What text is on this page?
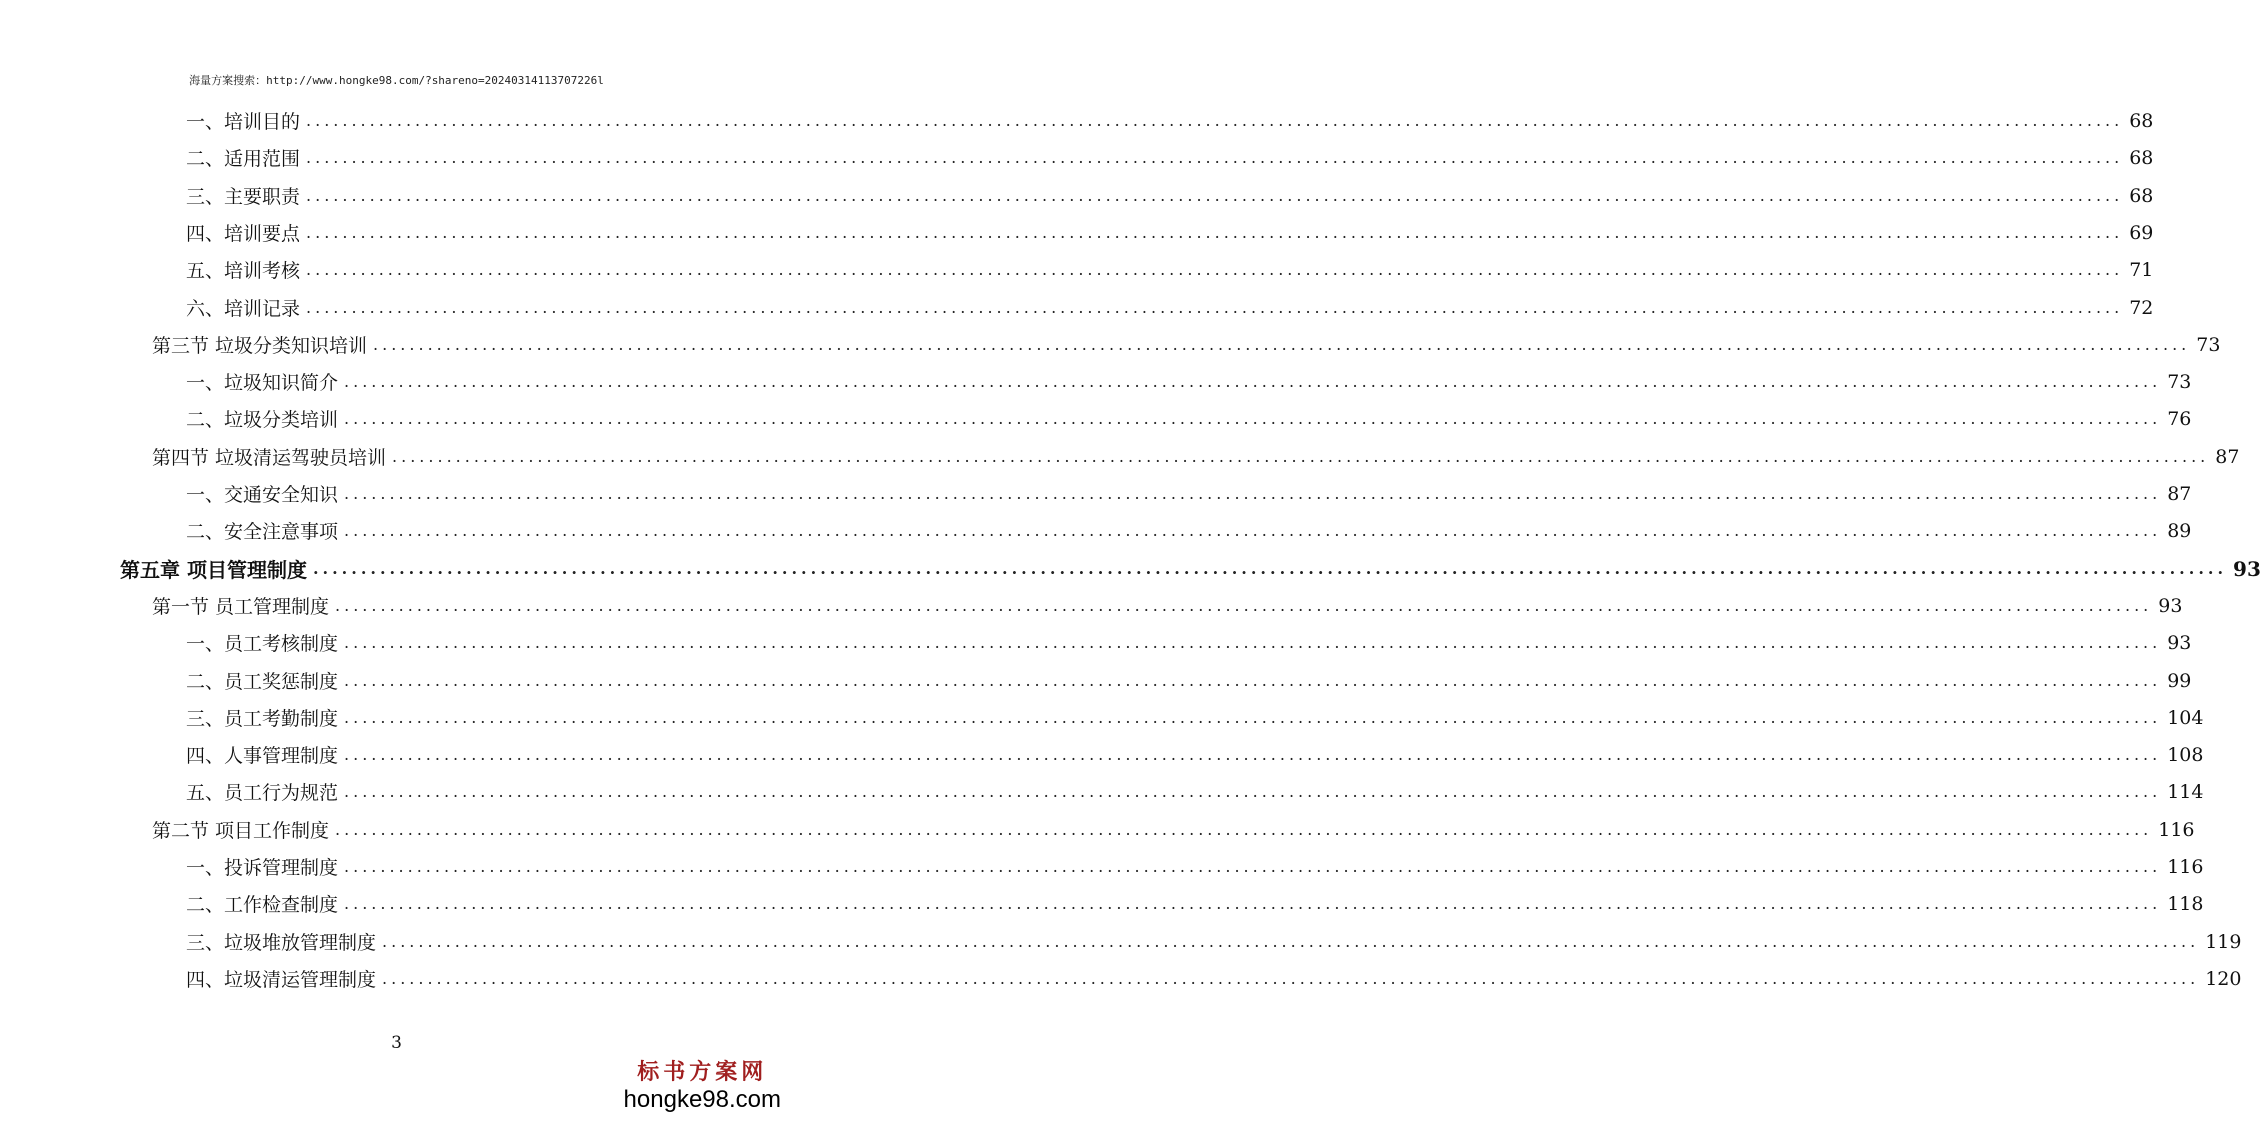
海量方案搜索：http://www.hongke98.com/?shareno=20240314113707226l
一、培训目的 ........................................................................................................................................................................................................ 68
二、适用范围 ........................................................................................................................................................................................................ 68
三、主要职责 ........................................................................................................................................................................................................ 68
四、培训要点 ........................................................................................................................................................................................................ 69
五、培训考核 ........................................................................................................................................................................................................ 71
六、培训记录 ........................................................................................................................................................................................................ 72
第三节 垃圾分类知识培训 ........................................................................................................................................................................................................ 73
一、垃圾知识简介 ........................................................................................................................................................................................................ 73
二、垃圾分类培训 ........................................................................................................................................................................................................ 76
第四节 垃圾清运驾驶员培训 ........................................................................................................................................................................................................ 87
一、交通安全知识 ........................................................................................................................................................................................................ 87
二、安全注意事项 ........................................................................................................................................................................................................ 89
第五章 项目管理制度 ........................................................................................................................................................................................................ 93
第一节 员工管理制度 ........................................................................................................................................................................................................ 93
一、员工考核制度 ........................................................................................................................................................................................................ 93
二、员工奖惩制度 ........................................................................................................................................................................................................ 99
三、员工考勤制度 ........................................................................................................................................................................................................ 104
四、人事管理制度 ........................................................................................................................................................................................................ 108
五、员工行为规范 ........................................................................................................................................................................................................ 114
第二节 项目工作制度 ........................................................................................................................................................................................................ 116
一、投诉管理制度 ........................................................................................................................................................................................................ 116
二、工作检查制度 ........................................................................................................................................................................................................ 118
三、垃圾堆放管理制度 ........................................................................................................................................................................................................ 119
四、垃圾清运管理制度 ........................................................................................................................................................................................................ 120
3
标书方案网
hongke98.com
